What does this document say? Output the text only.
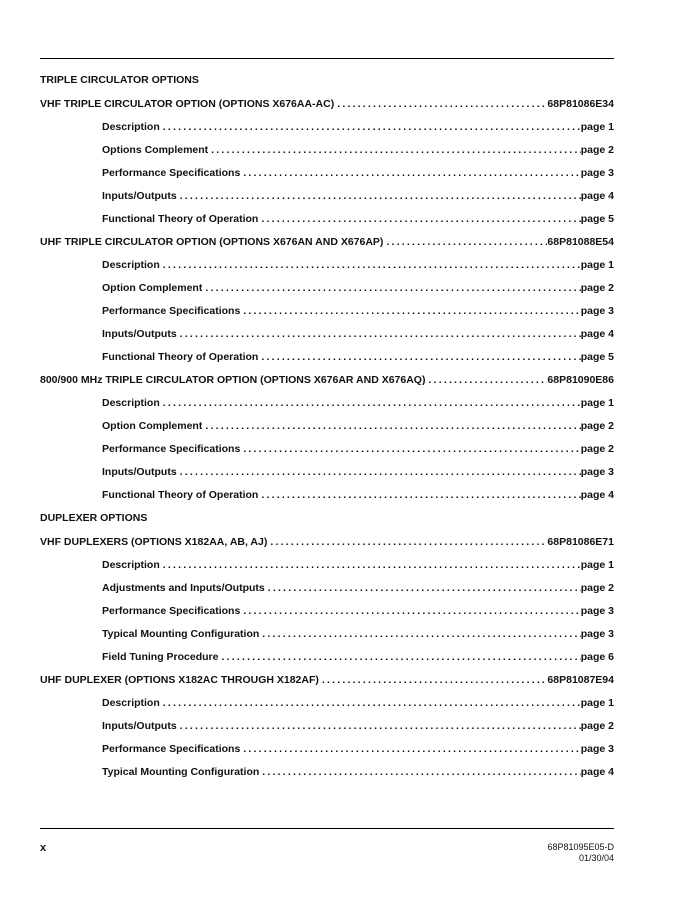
TRIPLE CIRCULATOR OPTIONS
VHF TRIPLE CIRCULATOR OPTION (OPTIONS X676AA-AC) .....	68P81086E34
Description .....	page 1
Options Complement .....	page 2
Performance Specifications .....	page 3
Inputs/Outputs .....	page 4
Functional Theory of Operation .....	page 5
UHF TRIPLE CIRCULATOR OPTION (OPTIONS X676AN AND X676AP) .....	68P81088E54
Description .....	page 1
Option Complement .....	page 2
Performance Specifications .....	page 3
Inputs/Outputs .....	page 4
Functional Theory of Operation .....	page 5
800/900 MHz TRIPLE CIRCULATOR OPTION (OPTIONS X676AR AND X676AQ) .....	68P81090E86
Description .....	page 1
Option Complement .....	page 2
Performance Specifications .....	page 2
Inputs/Outputs .....	page 3
Functional Theory of Operation .....	page 4
DUPLEXER OPTIONS
VHF DUPLEXERS (OPTIONS X182AA, AB, AJ) .....	68P81086E71
Description .....	page 1
Adjustments and Inputs/Outputs .....	page 2
Performance Specifications .....	page 3
Typical Mounting Configuration .....	page 3
Field Tuning Procedure .....	page 6
UHF DUPLEXER (OPTIONS X182AC THROUGH X182AF) .....	68P81087E94
Description .....	page 1
Inputs/Outputs .....	page 2
Performance Specifications .....	page 3
Typical Mounting Configuration .....	page 4
x	68P81095E05-D
01/30/04
